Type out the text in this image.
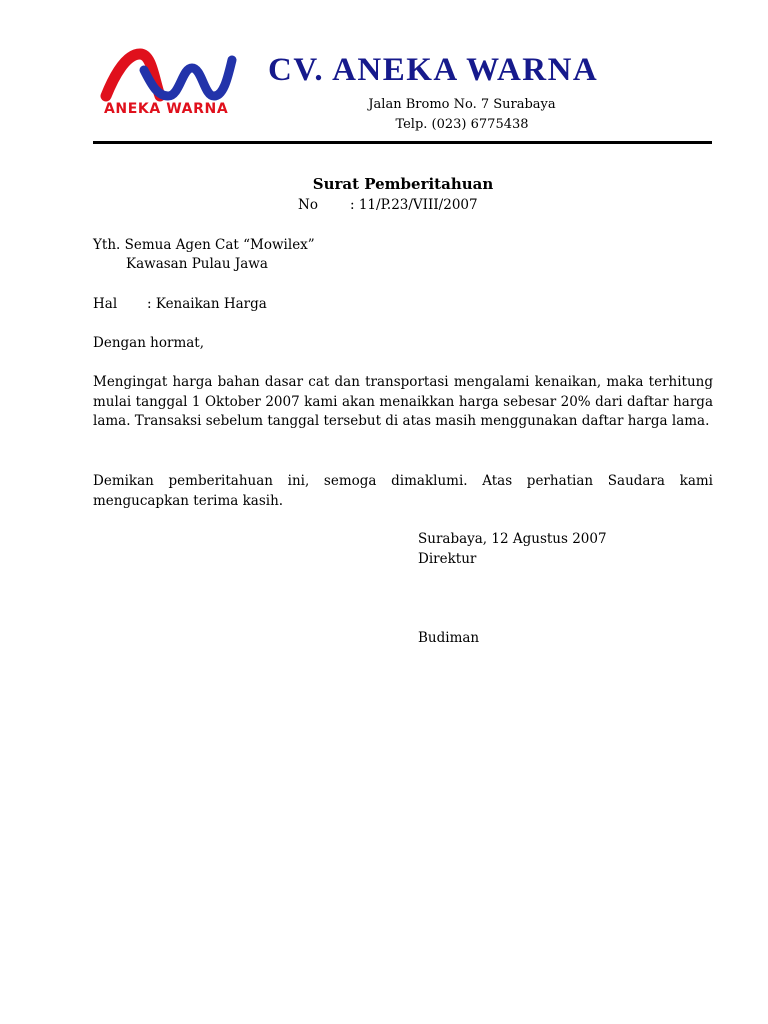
ANEKA WARNA
CV. ANEKA WARNA
Jalan Bromo No. 7 Surabaya
Telp. (023) 6775438
Surat Pemberitahuan
No : 11/P.23/VIII/2007
Yth. Semua Agen Cat “Mowilex”
Kawasan Pulau Jawa
Hal : Kenaikan Harga
Dengan hormat,

Mengingat harga bahan dasar cat dan transportasi mengalami kenaikan, maka terhitung mulai tanggal 1 Oktober 2007 kami akan menaikkan harga sebesar 20% dari daftar harga lama. Transaksi sebelum tanggal tersebut di atas masih menggunakan daftar harga lama.

Demikan pemberitahuan ini, semoga dimaklumi. Atas perhatian Saudara kami mengucapkan terima kasih.

Surabaya, 12 Agustus 2007
Direktur
Budiman
